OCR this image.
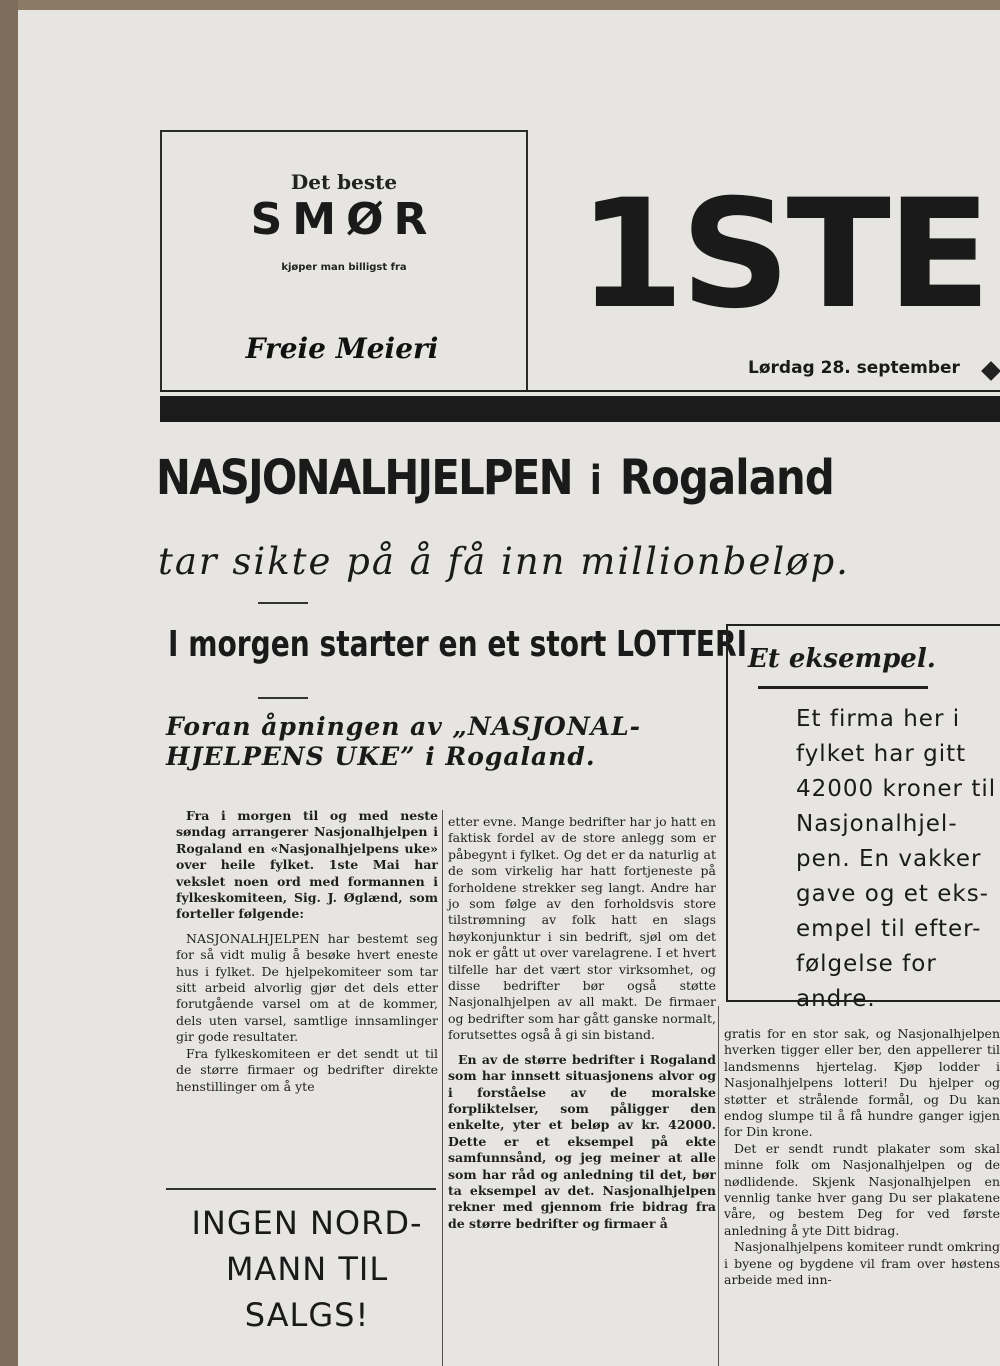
Det beste
SMØR
kjøper man billigst fra
Freie Meieri
1STE
Lørdag 28. september
NASJONALHJELPEN i Rogaland
tar sikte på å få inn millionbeløp.
I morgen starter en et stort LOTTERI
Foran åpningen av „NASJONAL-HJELPENS UKE” i Rogaland.
Et eksempel.
Et firma her i fylket har gitt 42000 kroner til Nasjonalhjel-pen. En vakker gave og et eks-empel til efter-følgelse for andre.

Fra i morgen til og med neste søndag arrangerer Nasjonalhjelpen i Rogaland en «Nasjonalhjelpens uke» over heile fylket. 1ste Mai har vekslet noen ord med formannen i fylkeskomiteen, Sig. J. Øglænd, som forteller følgende:

NASJONALHJELPEN har bestemt seg for så vidt mulig å besøke hvert eneste hus i fylket. De hjelpekomiteer som tar sitt arbeid alvorlig gjør det dels etter forutgående varsel om at de kommer, dels uten varsel, samtlige innsamlinger gir gode resultater.

Fra fylkeskomiteen er det sendt ut til de større firmaer og bedrifter direkte henstillinger om å yte

etter evne. Mange bedrifter har jo hatt en faktisk fordel av de store anlegg som er påbegynt i fylket. Og det er da naturlig at de som virkelig har hatt fortjeneste på forholdene strekker seg langt. Andre har jo som følge av den forholdsvis store tilstrømning av folk hatt en slags høykonjunktur i sin bedrift, sjøl om det nok er gått ut over varelagrene. I et hvert tilfelle har det vært stor virksomhet, og disse bedrifter bør også støtte Nasjonalhjelpen av all makt. De firmaer og bedrifter som har gått ganske normalt, forutsettes også å gi sin bistand.

En av de større bedrifter i Rogaland som har innsett situasjonens alvor og i forståelse av de moralske forpliktelser, som påligger den enkelte, yter et beløp av kr. 42000. Dette er et eksempel på ekte samfunnsånd, og jeg meiner at alle som har råd og anledning til det, bør ta eksempel av det. Nasjonalhjelpen rekner med gjennom frie bidrag fra de større bedrifter og firmaer å

gratis for en stor sak, og Nasjonalhjelpen hverken tigger eller ber, den appellerer til landsmenns hjertelag. Kjøp lodder i Nasjonalhjelpens lotteri! Du hjelper og støtter et strålende formål, og Du kan endog slumpe til å få hundre ganger igjen for Din krone.

Det er sendt rundt plakater som skal minne folk om Nasjonalhjelpen og de nødlidende. Skjenk Nasjonalhjelpen en vennlig tanke hver gang Du ser plakatene våre, og bestem Deg for ved første anledning å yte Ditt bidrag.

Nasjonalhjelpens komiteer rundt omkring i byene og bygdene vil fram over høstens arbeide med inn-

INGEN NORD-
MANN TIL
SALGS!
